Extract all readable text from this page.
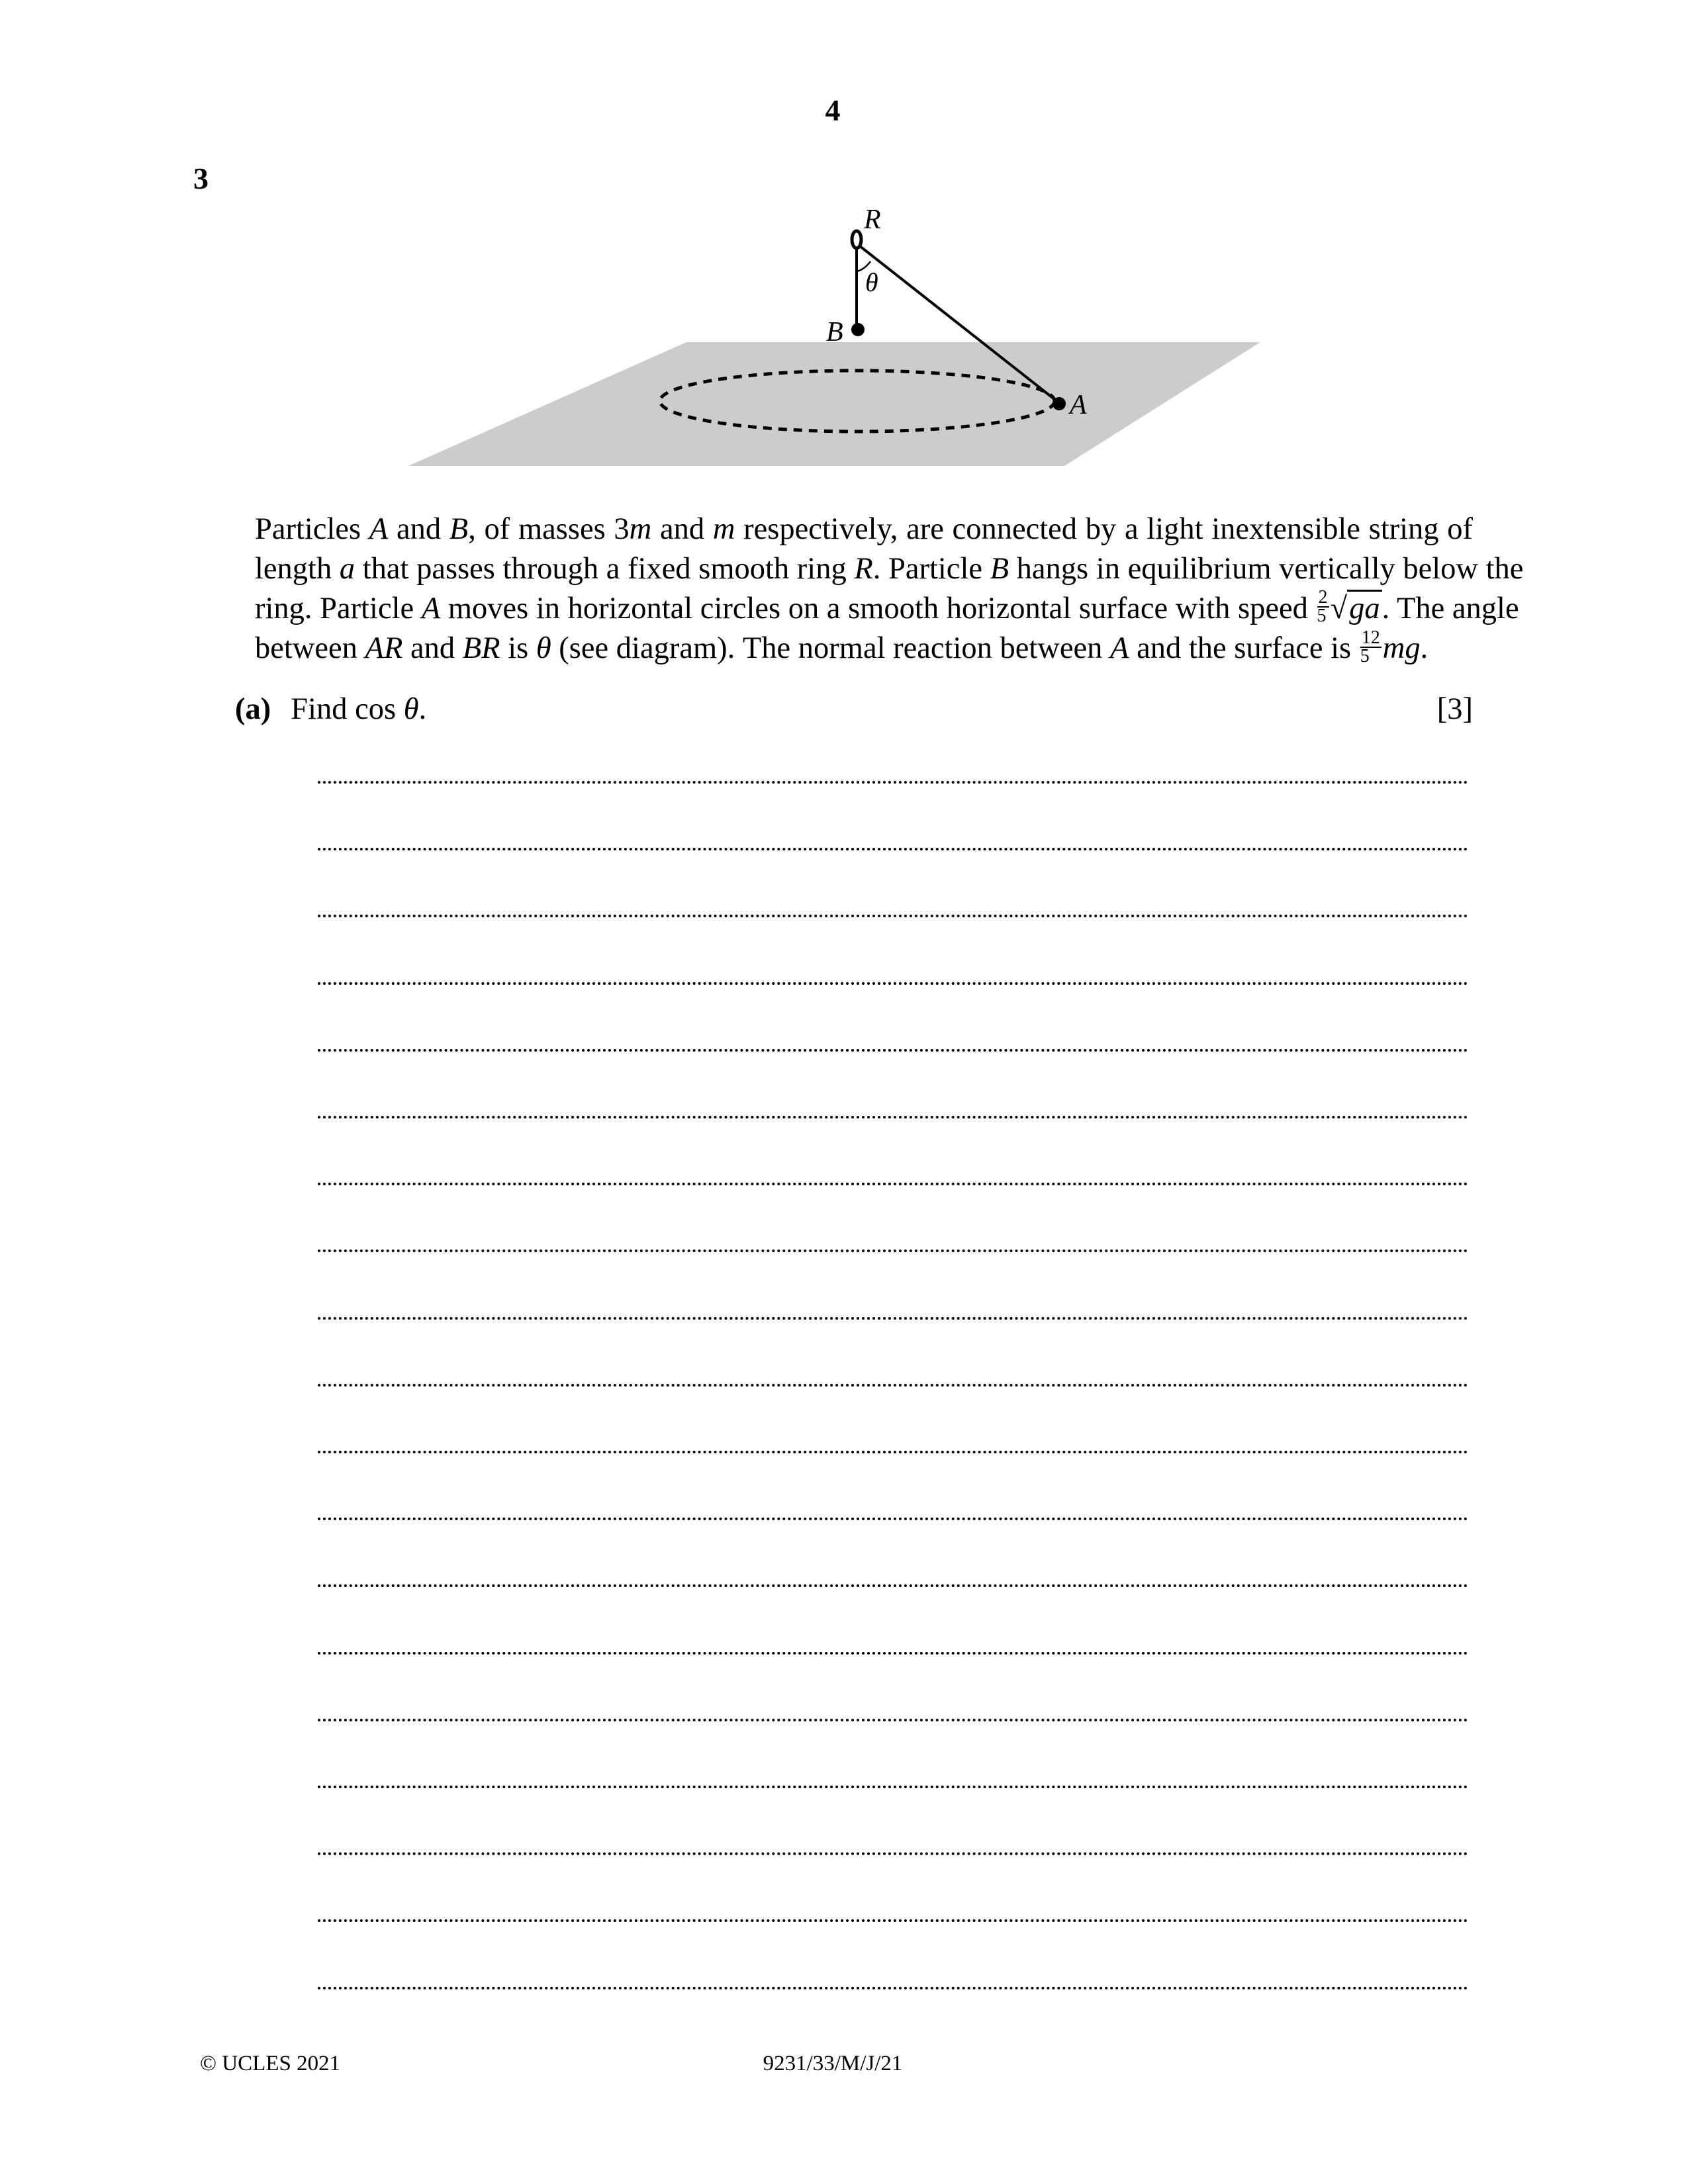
4
3
R
θ
B
A

Particles A and B, of masses 3m and m respectively, are connected by a light inextensible string of

length a that passes through a fixed smooth ring R. Particle B hangs in equilibrium vertically below the

ring. Particle A moves in horizontal circles on a smooth horizontal surface with speed $\frac{2}{5} √ga$. The angle

between AR and BR is θ (see diagram). The normal reaction between A and the surface is $\frac{12}{5}$ mg.

(a) Find cos θ.	[3]
© UCLES 2021	9231/33/M/J/21
